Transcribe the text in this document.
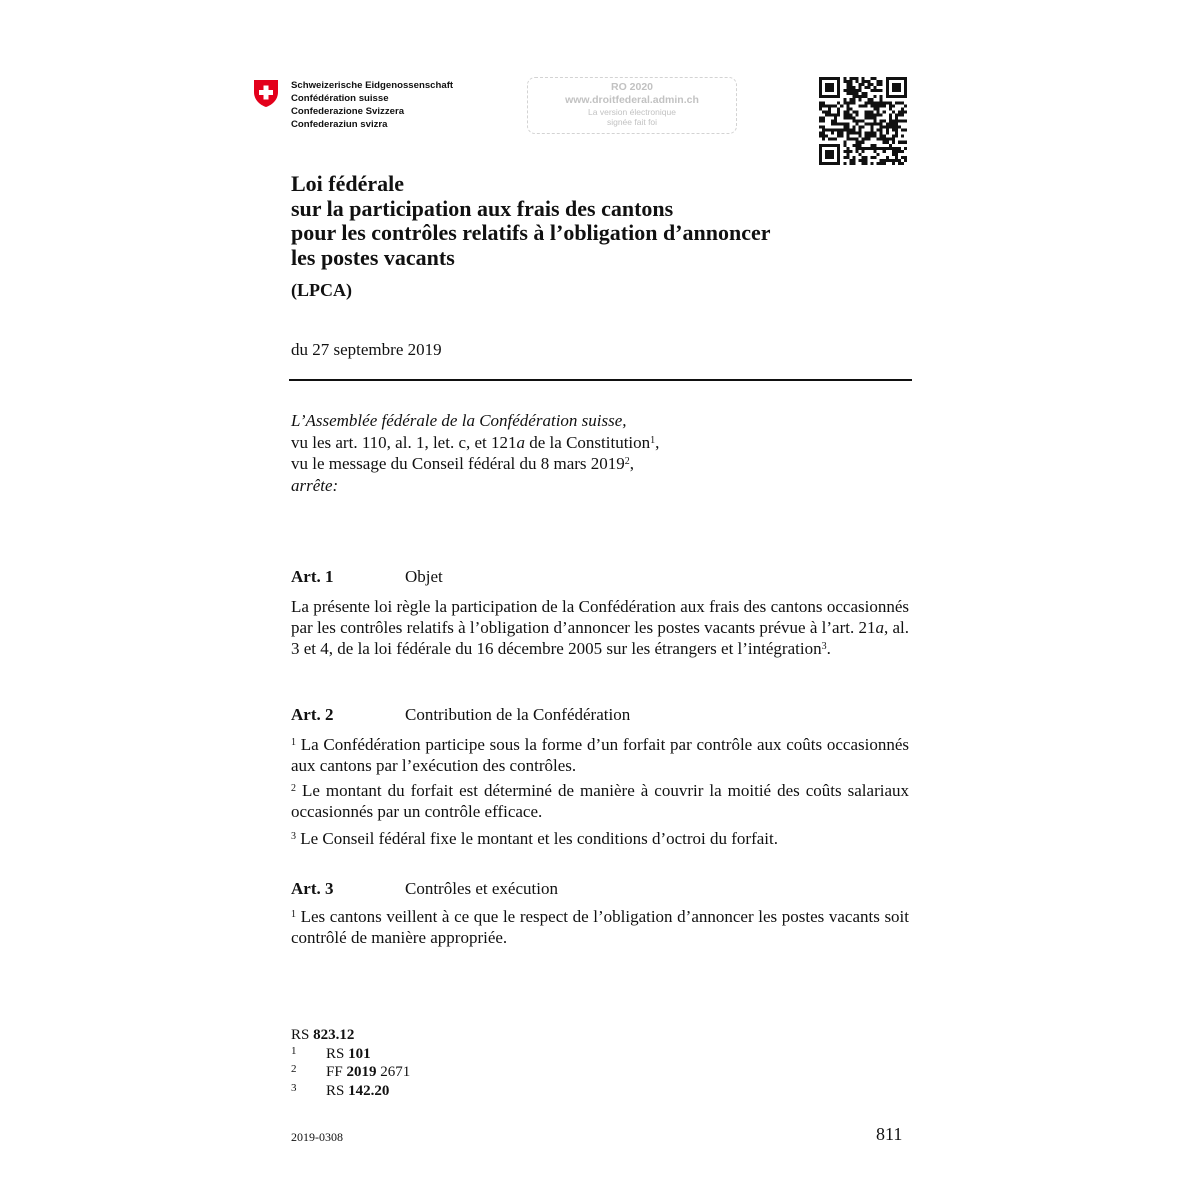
Schweizerische Eidgenossenschaft
Confédération suisse
Confederazione Svizzera
Confederaziun svizra
RO 2020
www.droitfederal.admin.ch
La version électronique
signée fait foi
Loi fédérale
sur la participation aux frais des cantons
pour les contrôles relatifs à l’obligation d’annoncer
les postes vacants
(LPCA)
du 27 septembre 2019
L’Assemblée fédérale de la Confédération suisse,
vu les art. 110, al. 1, let. c, et 121a de la Constitution$^1$,
vu le message du Conseil fédéral du 8 mars 2019$^2$,
arrête:
Art. 1	Objet
La présente loi règle la participation de la Confédération aux frais des cantons occasionnés par les contrôles relatifs à l’obligation d’annoncer les postes vacants prévue à l’art. 21a, al. 3 et 4, de la loi fédérale du 16 décembre 2005 sur les étrangers et l’intégration$^3$.
Art. 2	Contribution de la Confédération
$^1$ La Confédération participe sous la forme d’un forfait par contrôle aux coûts occasionnés aux cantons par l’exécution des contrôles.
$^2$ Le montant du forfait est déterminé de manière à couvrir la moitié des coûts salariaux occasionnés par un contrôle efficace.
$^3$ Le Conseil fédéral fixe le montant et les conditions d’octroi du forfait.
Art. 3	Contrôles et exécution
$^1$ Les cantons veillent à ce que le respect de l’obligation d’annoncer les postes vacants soit contrôlé de manière appropriée.
RS 823.12
1 RS 101
2 FF 2019 2671
3 RS 142.20
2019-0308	811
